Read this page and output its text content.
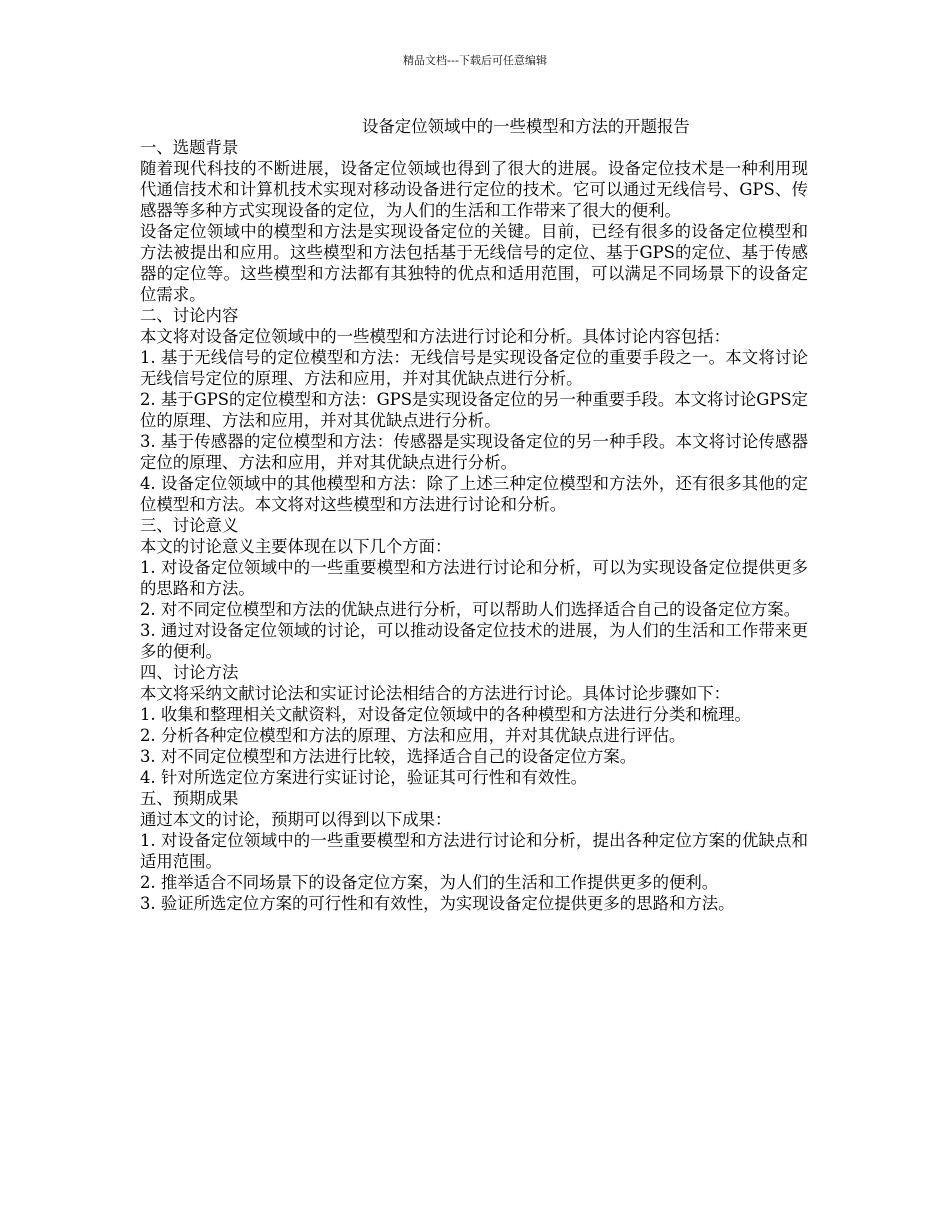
精品文档---下载后可任意编辑
设备定位领域中的一些模型和方法的开题报告

一、选题背景

随着现代科技的不断进展，设备定位领域也得到了很大的进展。设备定位技术是一种利用现代通信技术和计算机技术实现对移动设备进行定位的技术。它可以通过无线信号、GPS、传感器等多种方式实现设备的定位，为人们的生活和工作带来了很大的便利。

设备定位领域中的模型和方法是实现设备定位的关键。目前，已经有很多的设备定位模型和方法被提出和应用。这些模型和方法包括基于无线信号的定位、基于GPS的定位、基于传感器的定位等。这些模型和方法都有其独特的优点和适用范围，可以满足不同场景下的设备定位需求。

二、讨论内容

本文将对设备定位领域中的一些模型和方法进行讨论和分析。具体讨论内容包括：

1. 基于无线信号的定位模型和方法：无线信号是实现设备定位的重要手段之一。本文将讨论无线信号定位的原理、方法和应用，并对其优缺点进行分析。

2. 基于GPS的定位模型和方法：GPS是实现设备定位的另一种重要手段。本文将讨论GPS定位的原理、方法和应用，并对其优缺点进行分析。

3. 基于传感器的定位模型和方法：传感器是实现设备定位的另一种手段。本文将讨论传感器定位的原理、方法和应用，并对其优缺点进行分析。

4. 设备定位领域中的其他模型和方法：除了上述三种定位模型和方法外，还有很多其他的定位模型和方法。本文将对这些模型和方法进行讨论和分析。

三、讨论意义

本文的讨论意义主要体现在以下几个方面：

1. 对设备定位领域中的一些重要模型和方法进行讨论和分析，可以为实现设备定位提供更多的思路和方法。

2. 对不同定位模型和方法的优缺点进行分析，可以帮助人们选择适合自己的设备定位方案。

3. 通过对设备定位领域的讨论，可以推动设备定位技术的进展，为人们的生活和工作带来更多的便利。

四、讨论方法

本文将采纳文献讨论法和实证讨论法相结合的方法进行讨论。具体讨论步骤如下：

1. 收集和整理相关文献资料，对设备定位领域中的各种模型和方法进行分类和梳理。

2. 分析各种定位模型和方法的原理、方法和应用，并对其优缺点进行评估。

3. 对不同定位模型和方法进行比较，选择适合自己的设备定位方案。

4. 针对所选定位方案进行实证讨论，验证其可行性和有效性。

五、预期成果

通过本文的讨论，预期可以得到以下成果：

1. 对设备定位领域中的一些重要模型和方法进行讨论和分析，提出各种定位方案的优缺点和适用范围。

2. 推举适合不同场景下的设备定位方案，为人们的生活和工作提供更多的便利。

3. 验证所选定位方案的可行性和有效性，为实现设备定位提供更多的思路和方法。
